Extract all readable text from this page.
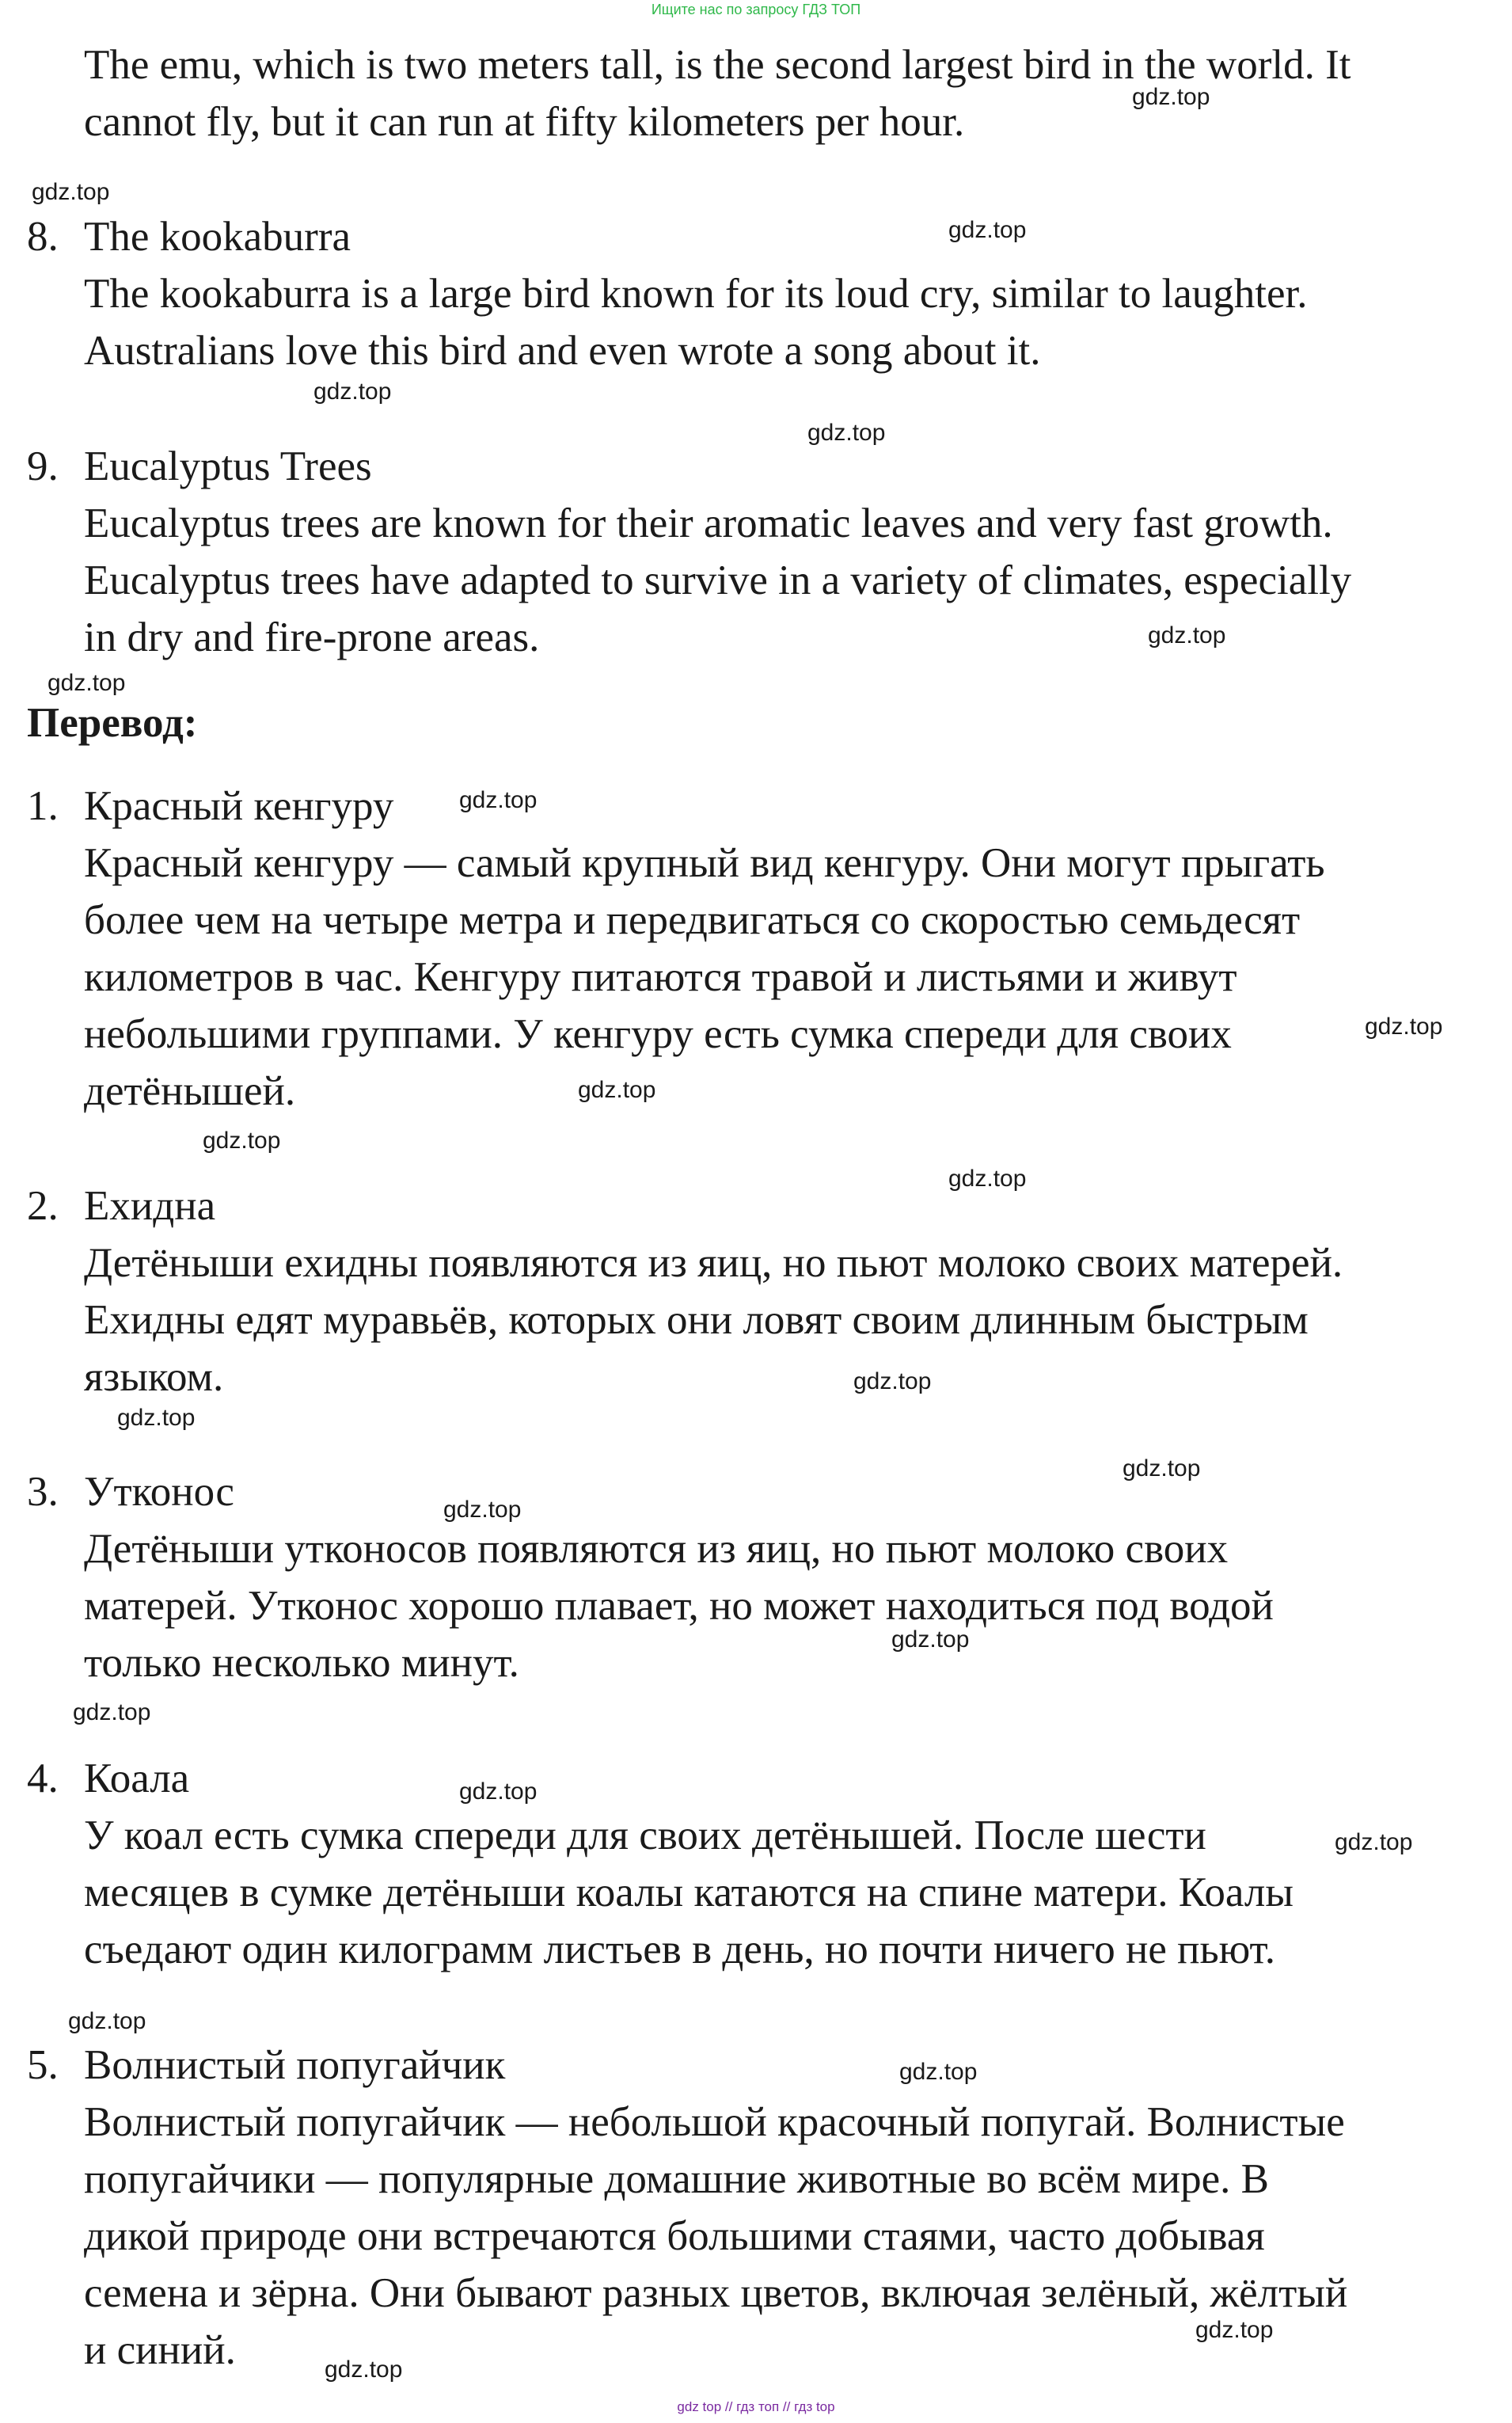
Ищите нас по запросу ГДЗ ТОП
The emu, which is two meters tall, is the second largest bird in the world. It
cannot fly, but it can run at fifty kilometers per hour.
8. The kookaburra
The kookaburra is a large bird known for its loud cry, similar to laughter.
Australians love this bird and even wrote a song about it.
9. Eucalyptus Trees
Eucalyptus trees are known for their aromatic leaves and very fast growth.
Eucalyptus trees have adapted to survive in a variety of climates, especially
in dry and fire-prone areas.
Перевод:
1. Красный кенгуру
Красный кенгуру — самый крупный вид кенгуру. Они могут прыгать
более чем на четыре метра и передвигаться со скоростью семьдесят
километров в час. Кенгуру питаются травой и листьями и живут
небольшими группами. У кенгуру есть сумка спереди для своих
детёнышей.
2. Ехидна
Детёныши ехидны появляются из яиц, но пьют молоко своих матерей.
Ехидны едят муравьёв, которых они ловят своим длинным быстрым
языком.
3. Утконос
Детёныши утконосов появляются из яиц, но пьют молоко своих
матерей. Утконос хорошо плавает, но может находиться под водой
только несколько минут.
4. Коала
У коал есть сумка спереди для своих детёнышей. После шести
месяцев в сумке детёныши коалы катаются на спине матери. Коалы
съедают один килограмм листьев в день, но почти ничего не пьют.
5. Волнистый попугайчик
Волнистый попугайчик — небольшой красочный попугай. Волнистые
попугайчики — популярные домашние животные во всём мире. В
дикой природе они встречаются большими стаями, часто добывая
семена и зёрна. Они бывают разных цветов, включая зелёный, жёлтый
и синий.
gdz.top
gdz.top
gdz.top
gdz.top
gdz.top
gdz.top
gdz.top
gdz.top
gdz.top
gdz.top
gdz.top
gdz.top
gdz.top
gdz.top
gdz.top
gdz.top
gdz.top
gdz.top
gdz.top
gdz.top
gdz.top
gdz.top
gdz.top
gdz.top
gdz top // гдз топ // гдз top
